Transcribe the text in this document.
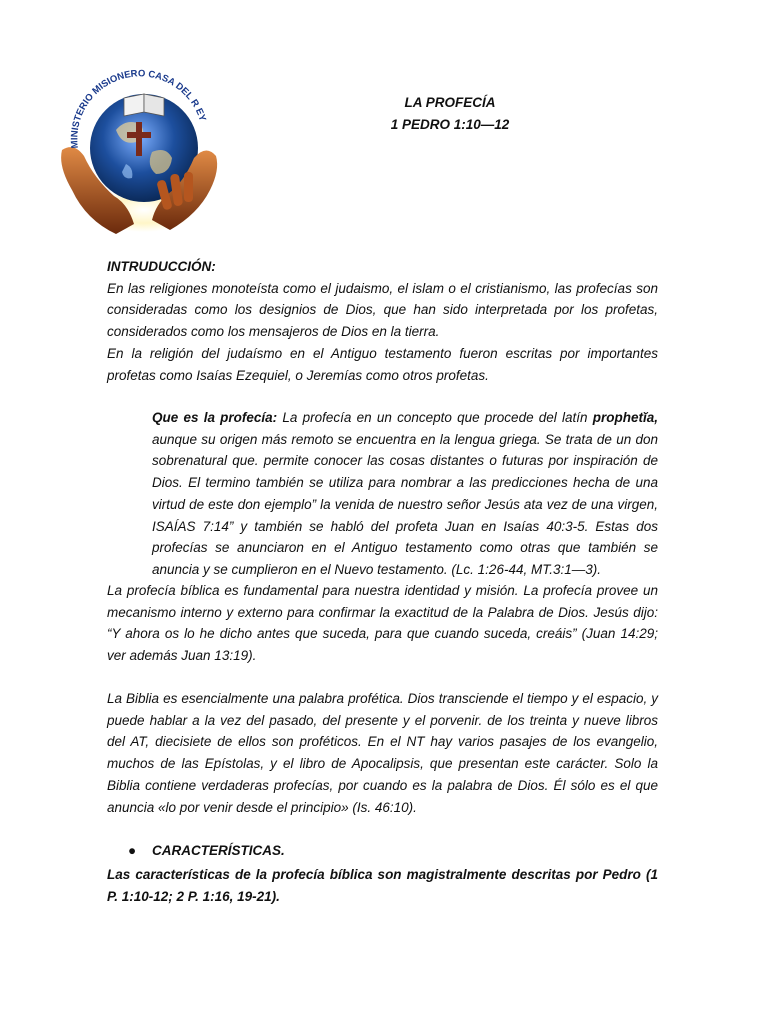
MINISTERIO MISIONERO CASA DEL R EY
LA PROFECÍA
1 PEDRO 1:10—12

INTRUDUCCIÓN:

En las religiones monoteísta como el judaismo, el islam o el cristianismo, las profecías son consideradas como los designios de Dios, que han sido interpretada por los profetas, considerados como los mensajeros de Dios en la tierra.

En la religión del judaísmo en el Antiguo testamento fueron escritas por importantes profetas como Isaías Ezequiel, o Jeremías como otros profetas.

Que es la profecía: La profecía en un concepto que procede del latín prophetĭa, aunque su origen más remoto se encuentra en la lengua griega. Se trata de un don sobrenatural que. permite conocer las cosas distantes o futuras por inspiración de Dios. El termino también se utiliza para nombrar a las predicciones hecha de una virtud de este don ejemplo” la venida de nuestro señor Jesús ata vez de una virgen, ISAÍAS 7:14” y también se habló del profeta Juan en Isaías 40:3-5. Estas dos profecías se anunciaron en el Antiguo testamento como otras que también se anuncia y se cumplieron en el Nuevo testamento. (Lc. 1:26-44, MT.3:1—3).
La profecía bíblica es fundamental para nuestra identidad y misión. La profecía provee un mecanismo interno y externo para confirmar la exactitud de la Palabra de Dios. Jesús dijo: “Y ahora os lo he dicho antes que suceda, para que cuando suceda, creáis” (Juan 14:29; ver además Juan 13:19).
La Biblia es esencialmente una palabra profética. Dios transciende el tiempo y el espacio, y puede hablar a la vez del pasado, del presente y el porvenir. de los treinta y nueve libros del AT, diecisiete de ellos son proféticos. En el NT hay varios pasajes de los evangelio, muchos de las Epístolas, y el libro de Apocalipsis, que presentan este carácter. Solo la Biblia contiene verdaderas profecías, por cuando es la palabra de Dios. Él sólo es el que anuncia «lo por venir desde el principio» (Is. 46:10).
● CARACTERÍSTICAS.
Las características de la profecía bíblica son magistralmente descritas por Pedro (1 P. 1:10-12; 2 P. 1:16, 19-21).
